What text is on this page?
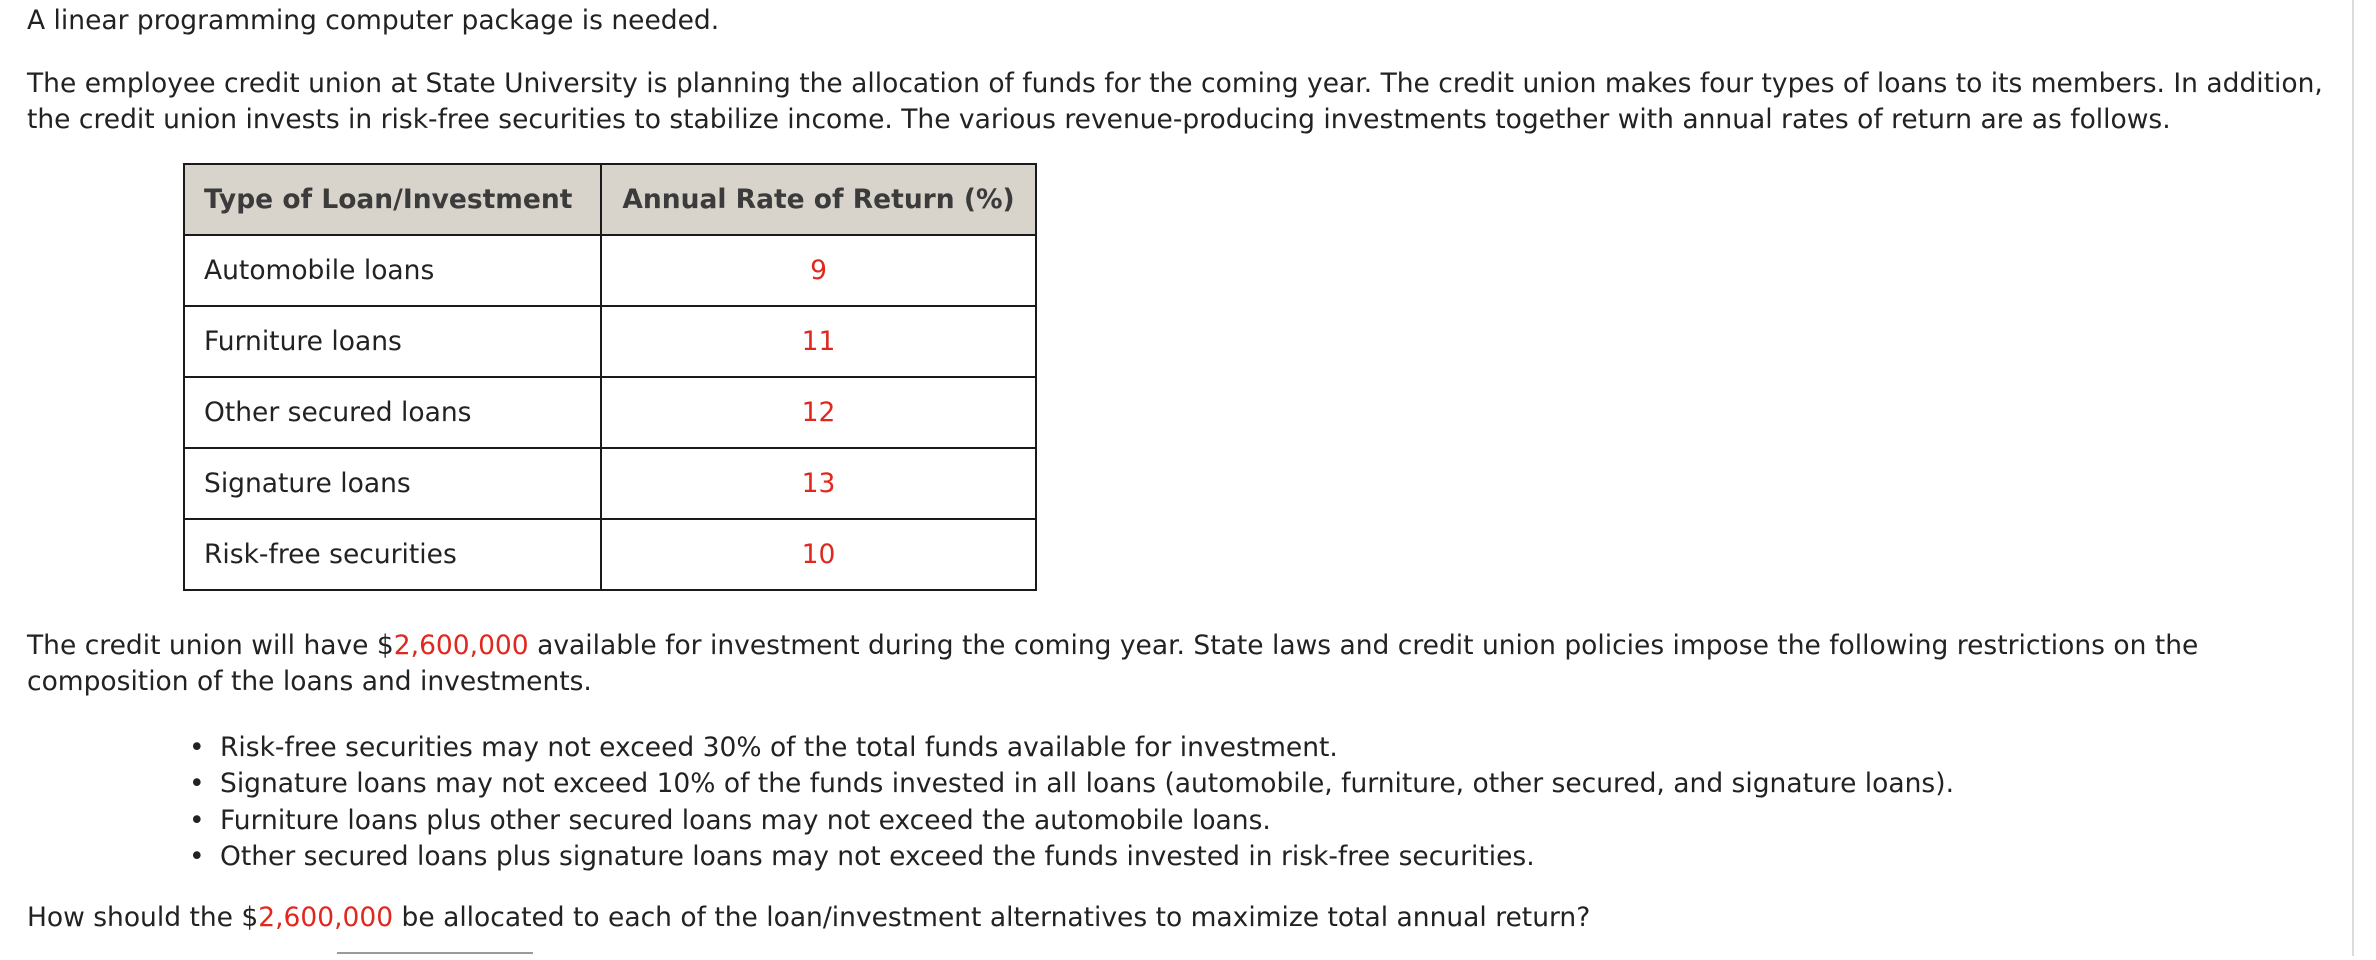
A linear programming computer package is needed.

The employee credit union at State University is planning the allocation of funds for the coming year. The credit union makes four types of loans to its members. In addition, the credit union invests in risk-free securities to stabilize income. The various revenue-producing investments together with annual rates of return are as follows.

Type of Loan/Investment	Annual Rate of Return (%)
Automobile loans	9
Furniture loans	11
Other secured loans	12
Signature loans	13
Risk-free securities	10

The credit union will have $2,600,000 available for investment during the coming year. State laws and credit union policies impose the following restrictions on the composition of the loans and investments.

• Risk-free securities may not exceed 30% of the total funds available for investment.
• Signature loans may not exceed 10% of the funds invested in all loans (automobile, furniture, other secured, and signature loans).
• Furniture loans plus other secured loans may not exceed the automobile loans.
• Other secured loans plus signature loans may not exceed the funds invested in risk-free securities.

How should the $2,600,000 be allocated to each of the loan/investment alternatives to maximize total annual return?
